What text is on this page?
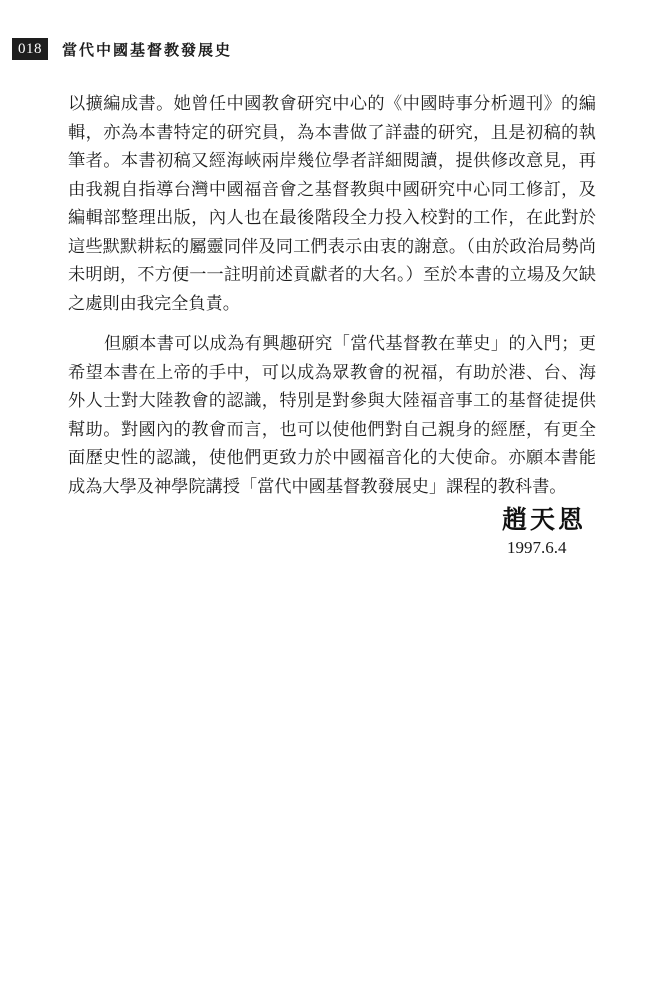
018	當代中國基督教發展史

以擴編成書。她曾任中國教會研究中心的《中國時事分析週刊》的編輯，亦為本書特定的研究員，為本書做了詳盡的研究，且是初稿的執筆者。本書初稿又經海峽兩岸幾位學者詳細閱讀，提供修改意見，再由我親自指導台灣中國福音會之基督教與中國研究中心同工修訂，及編輯部整理出版，內人也在最後階段全力投入校對的工作，在此對於這些默默耕耘的屬靈同伴及同工們表示由衷的謝意。（由於政治局勢尚未明朗，不方便一一註明前述貢獻者的大名。）至於本書的立場及欠缺之處則由我完全負責。

但願本書可以成為有興趣研究「當代基督教在華史」的入門；更希望本書在上帝的手中，可以成為眾教會的祝福，有助於港、台、海外人士對大陸教會的認識，特別是對參與大陸福音事工的基督徒提供幫助。對國內的教會而言，也可以使他們對自己親身的經歷，有更全面歷史性的認識，使他們更致力於中國福音化的大使命。亦願本書能成為大學及神學院講授「當代中國基督教發展史」課程的教科書。

趙天恩
1997.6.4
